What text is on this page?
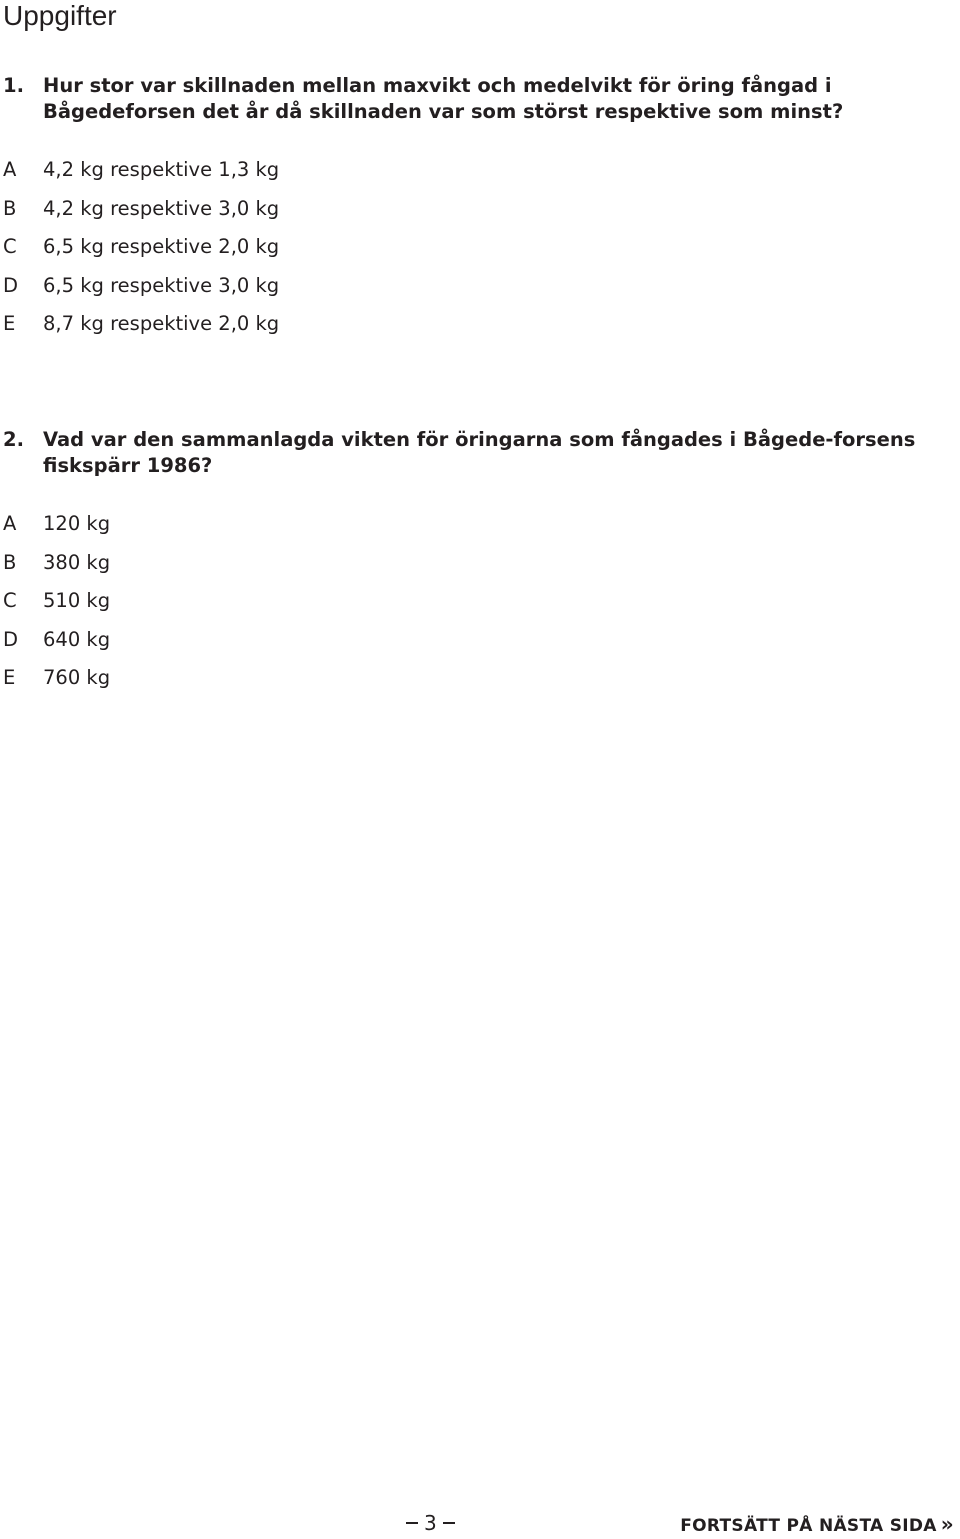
Uppgifter

1. Hur stor var skillnaden mellan maxvikt och medelvikt för öring fångad i Bågedeforsen det år då skillnaden var som störst respektive som minst?

A 4,2 kg respektive 1,3 kg
B 4,2 kg respektive 3,0 kg
C 6,5 kg respektive 2,0 kg
D 6,5 kg respektive 3,0 kg
E 8,7 kg respektive 2,0 kg

2. Vad var den sammanlagda vikten för öringarna som fångades i Bågede-forsens fiskspärr 1986?

A 120 kg
B 380 kg
C 510 kg
D 640 kg
E 760 kg
3	FORTSÄTT PÅ NÄSTA SIDA »
